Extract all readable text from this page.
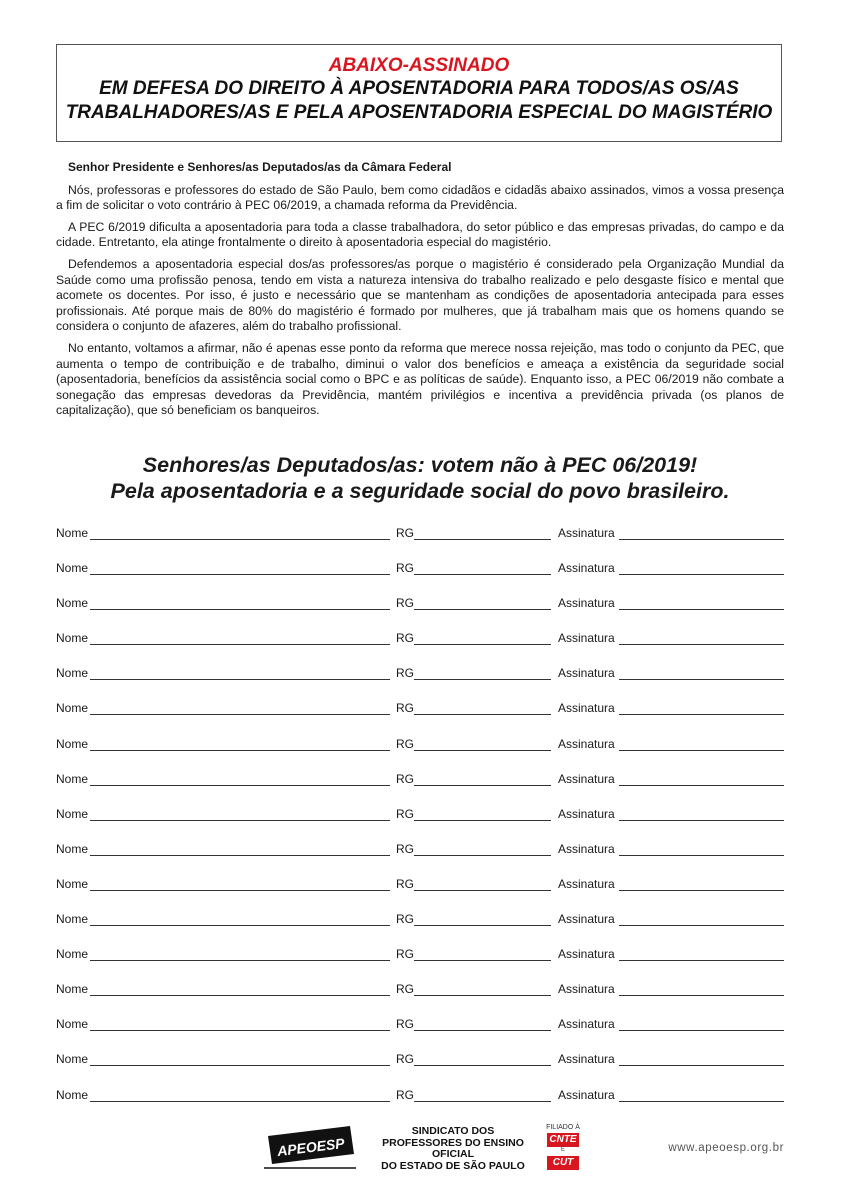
ABAIXO-ASSINADO
EM DEFESA DO DIREITO À APOSENTADORIA PARA TODOS/AS OS/AS
TRABALHADORES/AS E PELA APOSENTADORIA ESPECIAL DO MAGISTÉRIO
Senhor Presidente e Senhores/as Deputados/as da Câmara Federal

Nós, professoras e professores do estado de São Paulo, bem como cidadãos e cidadãs abaixo assinados, vimos a vossa presença a fim de solicitar o voto contrário à PEC 06/2019, a chamada reforma da Previdência.

A PEC 6/2019 dificulta a aposentadoria para toda a classe trabalhadora, do setor público e das empresas privadas, do campo e da cidade. Entretanto, ela atinge frontalmente o direito à aposentadoria especial do magistério.

Defendemos a aposentadoria especial dos/as professores/as porque o magistério é considerado pela Organização Mundial da Saúde como uma profissão penosa, tendo em vista a natureza intensiva do trabalho realizado e pelo desgaste físico e mental que acomete os docentes. Por isso, é justo e necessário que se mantenham as condições de aposentadoria antecipada para esses profissionais. Até porque mais de 80% do magistério é formado por mulheres, que já trabalham mais que os homens quando se considera o conjunto de afazeres, além do trabalho profissional.

No entanto, voltamos a afirmar, não é apenas esse ponto da reforma que merece nossa rejeição, mas todo o conjunto da PEC, que aumenta o tempo de contribuição e de trabalho, diminui o valor dos benefícios e ameaça a existência da seguridade social (aposentadoria, benefícios da assistência social como o BPC e as políticas de saúde). Enquanto isso, a PEC 06/2019 não combate a sonegação das empresas devedoras da Previdência, mantém privilégios e incentiva a previdência privada (os planos de capitalização), que só beneficiam os banqueiros.

Senhores/as Deputados/as: votem não à PEC 06/2019!
Pela aposentadoria e a seguridade social do povo brasileiro.
Nome	RG	Assinatura
Nome	RG	Assinatura
Nome	RG	Assinatura
Nome	RG	Assinatura
Nome	RG	Assinatura
Nome	RG	Assinatura
Nome	RG	Assinatura
Nome	RG	Assinatura
Nome	RG	Assinatura
Nome	RG	Assinatura
Nome	RG	Assinatura
Nome	RG	Assinatura
Nome	RG	Assinatura
Nome	RG	Assinatura
Nome	RG	Assinatura
Nome	RG	Assinatura
Nome	RG	Assinatura
APEOESP
SINDICATO DOS
PROFESSORES DO ENSINO OFICIAL
DO ESTADO DE SÃO PAULO
FILIADO À
CNTE
E
CUT
www.apeoesp.org.br
